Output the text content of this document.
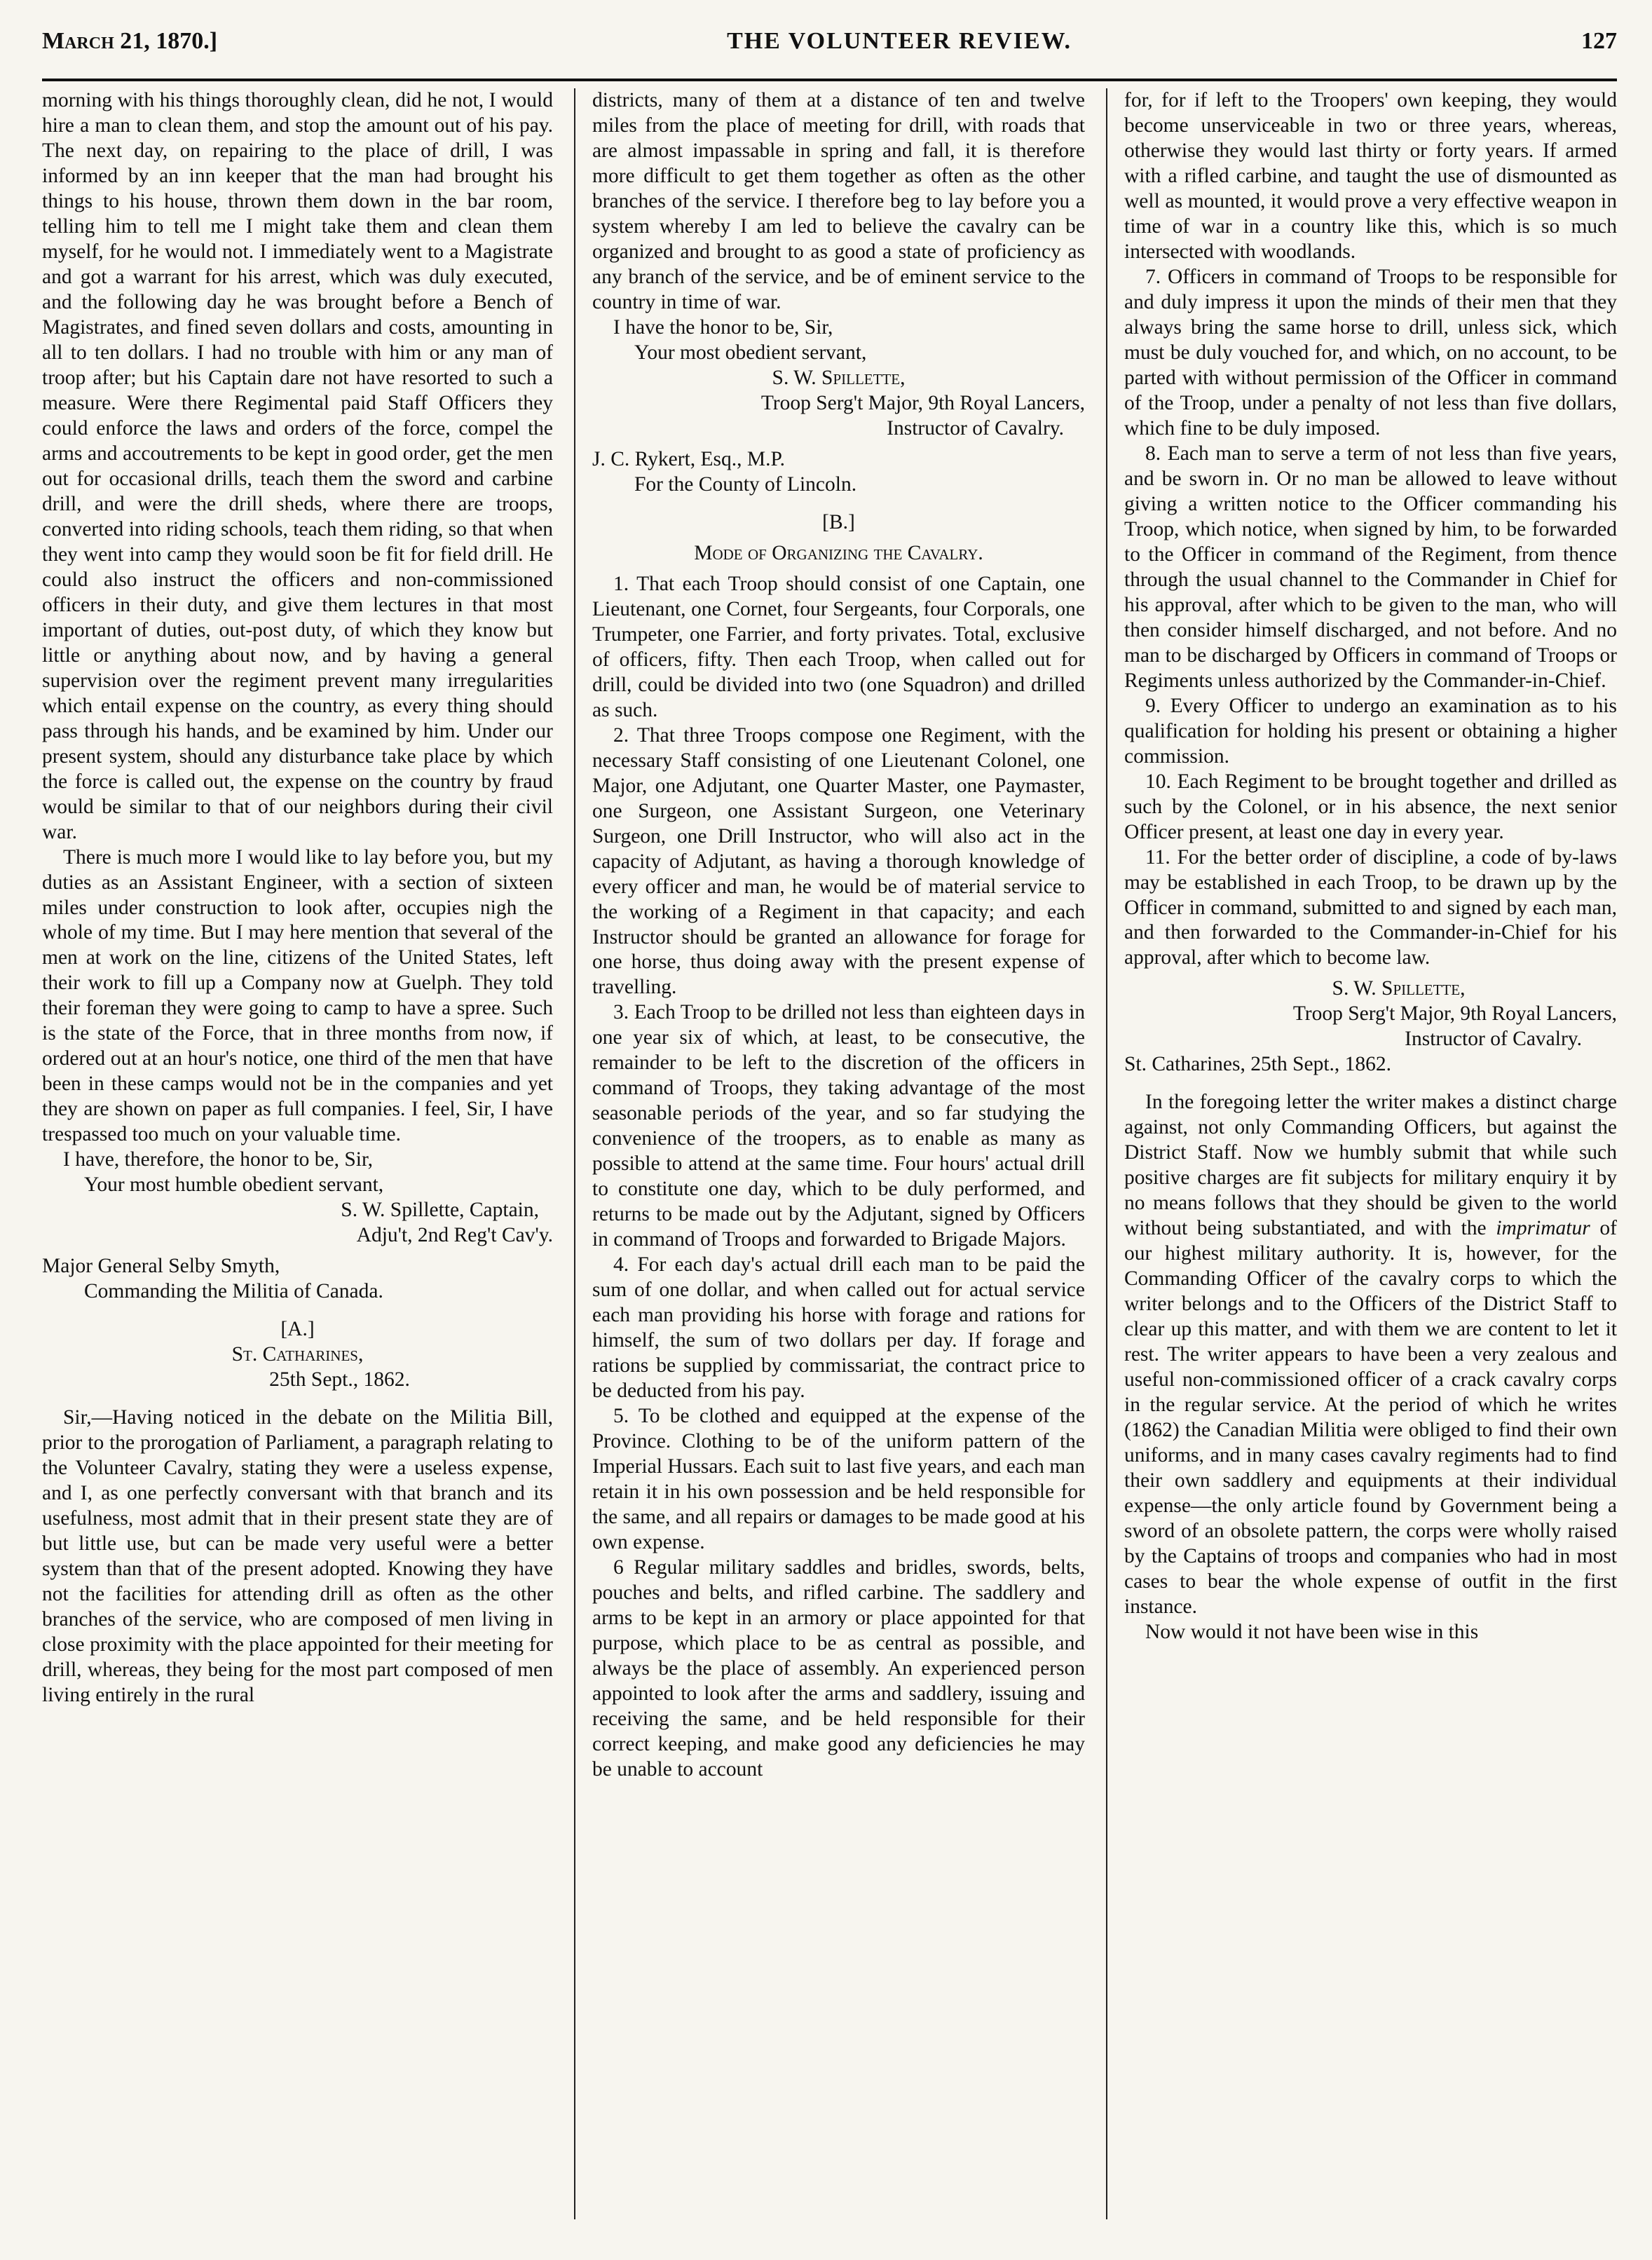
March 21, 1870.]	THE VOLUNTEER REVIEW.	127

morning with his things thoroughly clean, did he not, I would hire a man to clean them, and stop the amount out of his pay. The next day, on repairing to the place of drill, I was informed by an inn keeper that the man had brought his things to his house, thrown them down in the bar room, telling him to tell me I might take them and clean them myself, for he would not. I immediately went to a Magistrate and got a warrant for his arrest, which was duly executed, and the following day he was brought before a Bench of Magistrates, and fined seven dollars and costs, amounting in all to ten dollars. I had no trouble with him or any man of troop after; but his Captain dare not have resorted to such a measure. Were there Regimental paid Staff Officers they could enforce the laws and orders of the force, compel the arms and accoutrements to be kept in good order, get the men out for occasional drills, teach them the sword and carbine drill, and were the drill sheds, where there are troops, converted into riding schools, teach them riding, so that when they went into camp they would soon be fit for field drill. He could also instruct the officers and non-commissioned officers in their duty, and give them lectures in that most important of duties, out-post duty, of which they know but little or anything about now, and by having a general supervision over the regiment prevent many irregularities which entail expense on the country, as every thing should pass through his hands, and be examined by him. Under our present system, should any disturbance take place by which the force is called out, the expense on the country by fraud would be similar to that of our neighbors during their civil war.

There is much more I would like to lay before you, but my duties as an Assistant Engineer, with a section of sixteen miles under construction to look after, occupies nigh the whole of my time. But I may here mention that several of the men at work on the line, citizens of the United States, left their work to fill up a Company now at Guelph. They told their foreman they were going to camp to have a spree. Such is the state of the Force, that in three months from now, if ordered out at an hour's notice, one third of the men that have been in these camps would not be in the companies and yet they are shown on paper as full companies. I feel, Sir, I have trespassed too much on your valuable time.

I have, therefore, the honor to be, Sir,

Your most humble obedient servant,

S. W. Spillette, Captain,

Adju't, 2nd Reg't Cav'y.

Major General Selby Smyth,

Commanding the Militia of Canada.

[A.]

St. Catharines,

25th Sept., 1862.

Sir,—Having noticed in the debate on the Militia Bill, prior to the prorogation of Parliament, a paragraph relating to the Volunteer Cavalry, stating they were a useless expense, and I, as one perfectly conversant with that branch and its usefulness, most admit that in their present state they are of but little use, but can be made very useful were a better system than that of the present adopted. Knowing they have not the facilities for attending drill as often as the other branches of the service, who are composed of men living in close proximity with the place appointed for their meeting for drill, whereas, they being for the most part composed of men living entirely in the rural

districts, many of them at a distance of ten and twelve miles from the place of meeting for drill, with roads that are almost impassable in spring and fall, it is therefore more difficult to get them together as often as the other branches of the service. I therefore beg to lay before you a system whereby I am led to believe the cavalry can be organized and brought to as good a state of proficiency as any branch of the service, and be of eminent service to the country in time of war.

I have the honor to be, Sir,

Your most obedient servant,

S. W. Spillette,

Troop Serg't Major, 9th Royal Lancers,

Instructor of Cavalry.

J. C. Rykert, Esq., M.P.

For the County of Lincoln.

[B.]

Mode of Organizing the Cavalry.

1. That each Troop should consist of one Captain, one Lieutenant, one Cornet, four Sergeants, four Corporals, one Trumpeter, one Farrier, and forty privates. Total, exclusive of officers, fifty. Then each Troop, when called out for drill, could be divided into two (one Squadron) and drilled as such.

2. That three Troops compose one Regiment, with the necessary Staff consisting of one Lieutenant Colonel, one Major, one Adjutant, one Quarter Master, one Paymaster, one Surgeon, one Assistant Surgeon, one Veterinary Surgeon, one Drill Instructor, who will also act in the capacity of Adjutant, as having a thorough knowledge of every officer and man, he would be of material service to the working of a Regiment in that capacity; and each Instructor should be granted an allowance for forage for one horse, thus doing away with the present expense of travelling.

3. Each Troop to be drilled not less than eighteen days in one year six of which, at least, to be consecutive, the remainder to be left to the discretion of the officers in command of Troops, they taking advantage of the most seasonable periods of the year, and so far studying the convenience of the troopers, as to enable as many as possible to attend at the same time. Four hours' actual drill to constitute one day, which to be duly performed, and returns to be made out by the Adjutant, signed by Officers in command of Troops and forwarded to Brigade Majors.

4. For each day's actual drill each man to be paid the sum of one dollar, and when called out for actual service each man providing his horse with forage and rations for himself, the sum of two dollars per day. If forage and rations be supplied by commissariat, the contract price to be deducted from his pay.

5. To be clothed and equipped at the expense of the Province. Clothing to be of the uniform pattern of the Imperial Hussars. Each suit to last five years, and each man retain it in his own possession and be held responsible for the same, and all repairs or damages to be made good at his own expense.

6 Regular military saddles and bridles, swords, belts, pouches and belts, and rifled carbine. The saddlery and arms to be kept in an armory or place appointed for that purpose, which place to be as central as possible, and always be the place of assembly. An experienced person appointed to look after the arms and saddlery, issuing and receiving the same, and be held responsible for their correct keeping, and make good any deficiencies he may be unable to account

for, for if left to the Troopers' own keeping, they would become unserviceable in two or three years, whereas, otherwise they would last thirty or forty years. If armed with a rifled carbine, and taught the use of dismounted as well as mounted, it would prove a very effective weapon in time of war in a country like this, which is so much intersected with woodlands.

7. Officers in command of Troops to be responsible for and duly impress it upon the minds of their men that they always bring the same horse to drill, unless sick, which must be duly vouched for, and which, on no account, to be parted with without permission of the Officer in command of the Troop, under a penalty of not less than five dollars, which fine to be duly imposed.

8. Each man to serve a term of not less than five years, and be sworn in. Or no man be allowed to leave without giving a written notice to the Officer commanding his Troop, which notice, when signed by him, to be forwarded to the Officer in command of the Regiment, from thence through the usual channel to the Commander in Chief for his approval, after which to be given to the man, who will then consider himself discharged, and not before. And no man to be discharged by Officers in command of Troops or Regiments unless authorized by the Commander-in-Chief.

9. Every Officer to undergo an examination as to his qualification for holding his present or obtaining a higher commission.

10. Each Regiment to be brought together and drilled as such by the Colonel, or in his absence, the next senior Officer present, at least one day in every year.

11. For the better order of discipline, a code of by-laws may be established in each Troop, to be drawn up by the Officer in command, submitted to and signed by each man, and then forwarded to the Commander-in-Chief for his approval, after which to become law.

S. W. Spillette,

Troop Serg't Major, 9th Royal Lancers,

Instructor of Cavalry.

St. Catharines, 25th Sept., 1862.

In the foregoing letter the writer makes a distinct charge against, not only Commanding Officers, but against the District Staff. Now we humbly submit that while such positive charges are fit subjects for military enquiry it by no means follows that they should be given to the world without being substantiated, and with the imprimatur of our highest military authority. It is, however, for the Commanding Officer of the cavalry corps to which the writer belongs and to the Officers of the District Staff to clear up this matter, and with them we are content to let it rest. The writer appears to have been a very zealous and useful non-commissioned officer of a crack cavalry corps in the regular service. At the period of which he writes (1862) the Canadian Militia were obliged to find their own uniforms, and in many cases cavalry regiments had to find their own saddlery and equipments at their individual expense—the only article found by Government being a sword of an obsolete pattern, the corps were wholly raised by the Captains of troops and companies who had in most cases to bear the whole expense of outfit in the first instance.

Now would it not have been wise in this
